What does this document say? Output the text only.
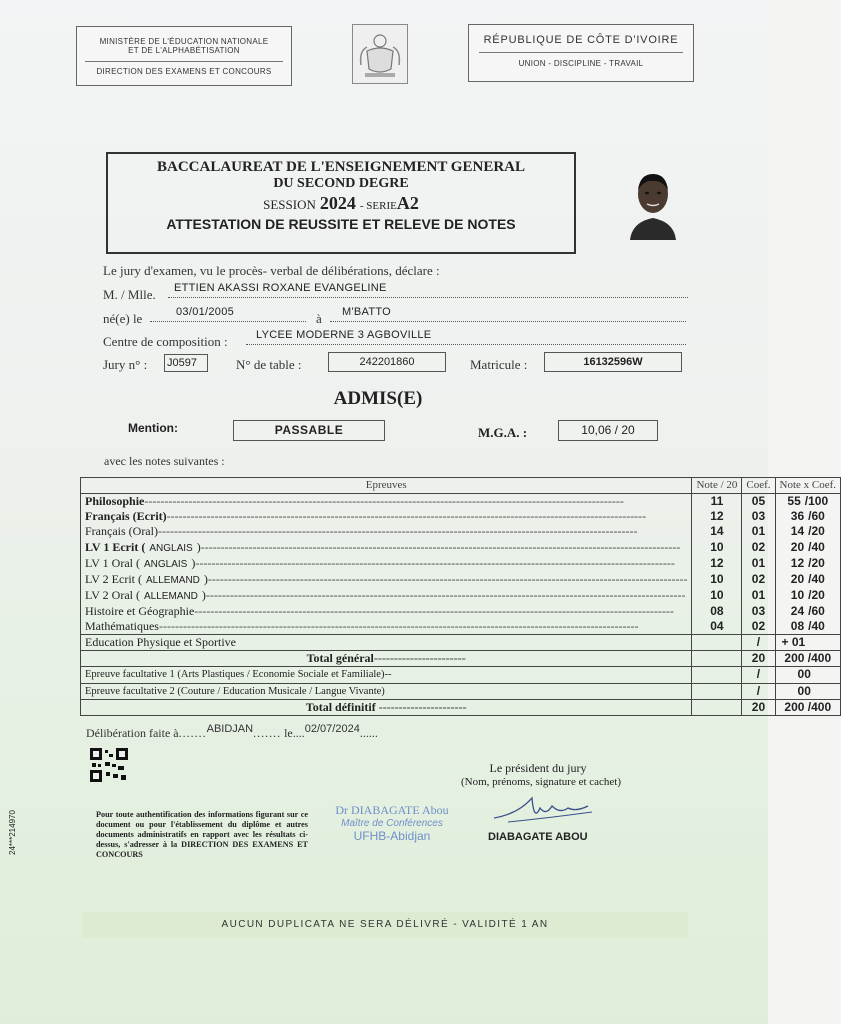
MINISTÈRE DE L'ÉDUCATION NATIONALE
ET DE L'ALPHABÉTISATION
DIRECTION DES EXAMENS ET CONCOURS
RÉPUBLIQUE DE CÔTE D'IVOIRE
UNION - DISCIPLINE - TRAVAIL
BACCALAUREAT DE L'ENSEIGNEMENT GENERAL
DU SECOND DEGRE
SESSION 2024 - SERIEA2
ATTESTATION DE REUSSITE ET RELEVE DE NOTES
Le jury d'examen, vu le procès- verbal de délibérations, déclare :
M. / Mlle. ETTIEN AKASSI ROXANE EVANGELINE
né(e) le	03/01/2005	à M'BATTO
Centre de composition :	LYCEE MODERNE 3 AGBOVILLE
Jury n° : J0597	N° de table :	242201860	Matricule :	16132596W
ADMIS(E)
Mention:	PASSABLE	M.G.A. :	10,06 / 20
avec les notes suivantes :
Epreuves	Note / 20	Coef.	Note x Coef.
Philosophie------------------------------------------------------------------------------------------------------------------------	11	05	55 /100
Français (Ecrit)------------------------------------------------------------------------------------------------------------------------	12	03	36 /60
Français (Oral)------------------------------------------------------------------------------------------------------------------------	14	01	14 /20
LV 1 Ecrit ( ANGLAIS )------------------------------------------------------------------------------------------------------------------------	10	02	20 /40
LV 1 Oral ( ANGLAIS )------------------------------------------------------------------------------------------------------------------------	12	01	12 /20
LV 2 Ecrit ( ALLEMAND )------------------------------------------------------------------------------------------------------------------------	10	02	20 /40
LV 2 Oral ( ALLEMAND )------------------------------------------------------------------------------------------------------------------------	10	01	10 /20
Histoire et Géographie------------------------------------------------------------------------------------------------------------------------	08	03	24 /60
Mathématiques------------------------------------------------------------------------------------------------------------------------	04	02	08 /40
Education Physique et Sportive		/	+ 01
Total général-----------------------		20	200 /400
Epreuve facultative 1 (Arts Plastiques / Economie Sociale et Familiale)--		/	00
Epreuve facultative 2 (Couture / Education Musicale / Langue Vivante)		/	00
Total définitif ----------------------		20	200 /400
Délibération faite à.......ABIDJAN....... le....02/07/2024......
Le président du jury
(Nom, prénoms, signature et cachet)
Pour toute authentification des informations figurant sur ce document ou pour l'établissement du diplôme et autres documents administratifs en rapport avec les résultats ci-dessus, s'adresser à la DIRECTION DES EXAMENS ET CONCOURS
Dr DIABAGATE Abou
Maître de Conférences
UFHB-Abidjan	DIABAGATE ABOU
24***214970
AUCUN DUPLICATA NE SERA DÉLIVRÉ - VALIDITÉ 1 AN
